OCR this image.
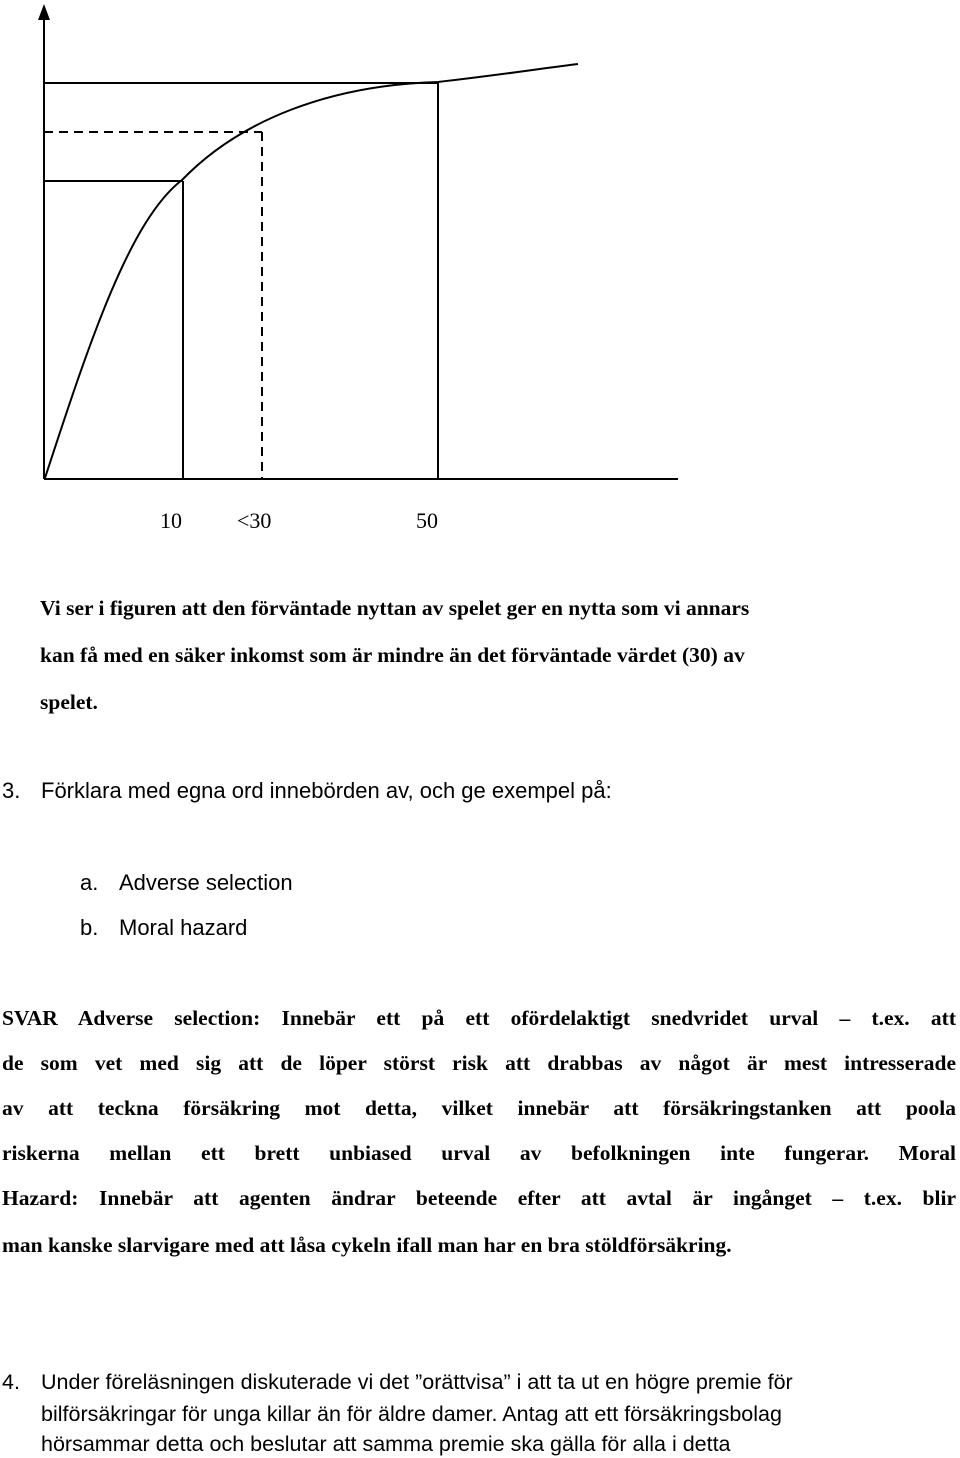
10	<30	50
Vi ser i figuren att den förväntade nyttan av spelet ger en nytta som vi annars
kan få med en säker inkomst som är mindre än det förväntade värdet (30) av
spelet.
3. Förklara med egna ord innebörden av, och ge exempel på:
a. Adverse selection
b. Moral hazard
SVAR Adverse selection: Innebär ett på ett ofördelaktigt snedvridet urval – t.ex. att
de som vet med sig att de löper störst risk att drabbas av något är mest intresserade
av att teckna försäkring mot detta, vilket innebär att försäkringstanken att poola
riskerna mellan ett brett unbiased urval av befolkningen inte fungerar. Moral
Hazard: Innebär att agenten ändrar beteende efter att avtal är ingånget – t.ex. blir
man kanske slarvigare med att låsa cykeln ifall man har en bra stöldförsäkring.
4. Under föreläsningen diskuterade vi det ”orättvisa” i att ta ut en högre premie för
bilförsäkringar för unga killar än för äldre damer. Antag att ett försäkringsbolag
hörsammar detta och beslutar att samma premie ska gälla för alla i detta
